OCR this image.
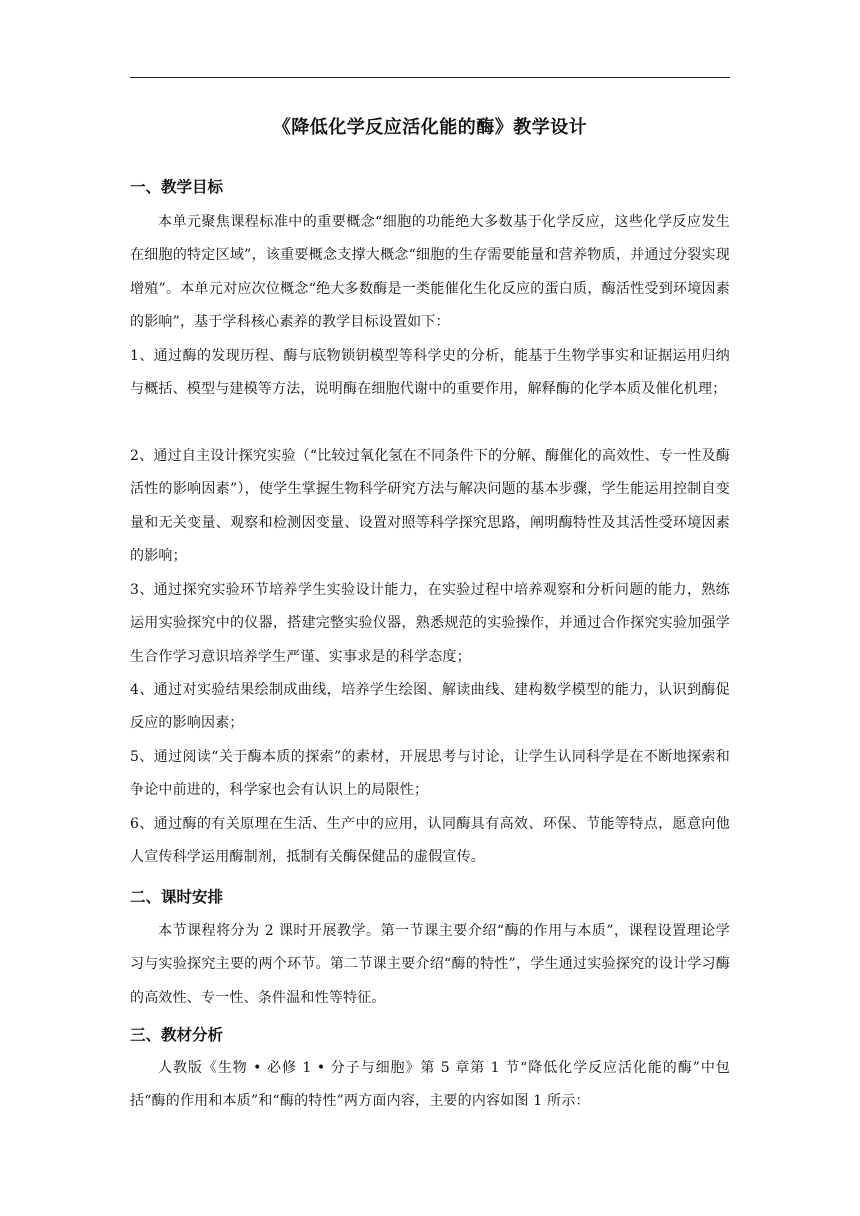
《降低化学反应活化能的酶》教学设计
一、教学目标

本单元聚焦课程标准中的重要概念“细胞的功能绝大多数基于化学反应，这些化学反应发生在细胞的特定区域”，该重要概念支撑大概念“细胞的生存需要能量和营养物质，并通过分裂实现增殖”。本单元对应次位概念“绝大多数酶是一类能催化生化反应的蛋白质，酶活性受到环境因素的影响”，基于学科核心素养的教学目标设置如下：

1、通过酶的发现历程、酶与底物锁钥模型等科学史的分析，能基于生物学事实和证据运用归纳与概括、模型与建模等方法，说明酶在细胞代谢中的重要作用，解释酶的化学本质及催化机理；

2、通过自主设计探究实验（“比较过氧化氢在不同条件下的分解、酶催化的高效性、专一性及酶活性的影响因素”），使学生掌握生物科学研究方法与解决问题的基本步骤，学生能运用控制自变量和无关变量、观察和检测因变量、设置对照等科学探究思路，阐明酶特性及其活性受环境因素的影响；

3、通过探究实验环节培养学生实验设计能力，在实验过程中培养观察和分析问题的能力，熟练运用实验探究中的仪器，搭建完整实验仪器，熟悉规范的实验操作，并通过合作探究实验加强学生合作学习意识培养学生严谨、实事求是的科学态度；

4、通过对实验结果绘制成曲线，培养学生绘图、解读曲线、建构数学模型的能力，认识到酶促反应的影响因素；

5、通过阅读“关于酶本质的探索”的素材，开展思考与讨论，让学生认同科学是在不断地探索和争论中前进的，科学家也会有认识上的局限性；

6、通过酶的有关原理在生活、生产中的应用，认同酶具有高效、环保、节能等特点，愿意向他人宣传科学运用酶制剂，抵制有关酶保健品的虚假宣传。

二、课时安排

本节课程将分为 2 课时开展教学。第一节课主要介绍“酶的作用与本质”，课程设置理论学习与实验探究主要的两个环节。第二节课主要介绍“酶的特性”，学生通过实验探究的设计学习酶的高效性、专一性、条件温和性等特征。

三、教材分析

人教版《生物 • 必修 1 • 分子与细胞》第 5 章第 1 节“降低化学反应活化能的酶”中包括“酶的作用和本质”和“酶的特性”两方面内容，主要的内容如图 1 所示：
